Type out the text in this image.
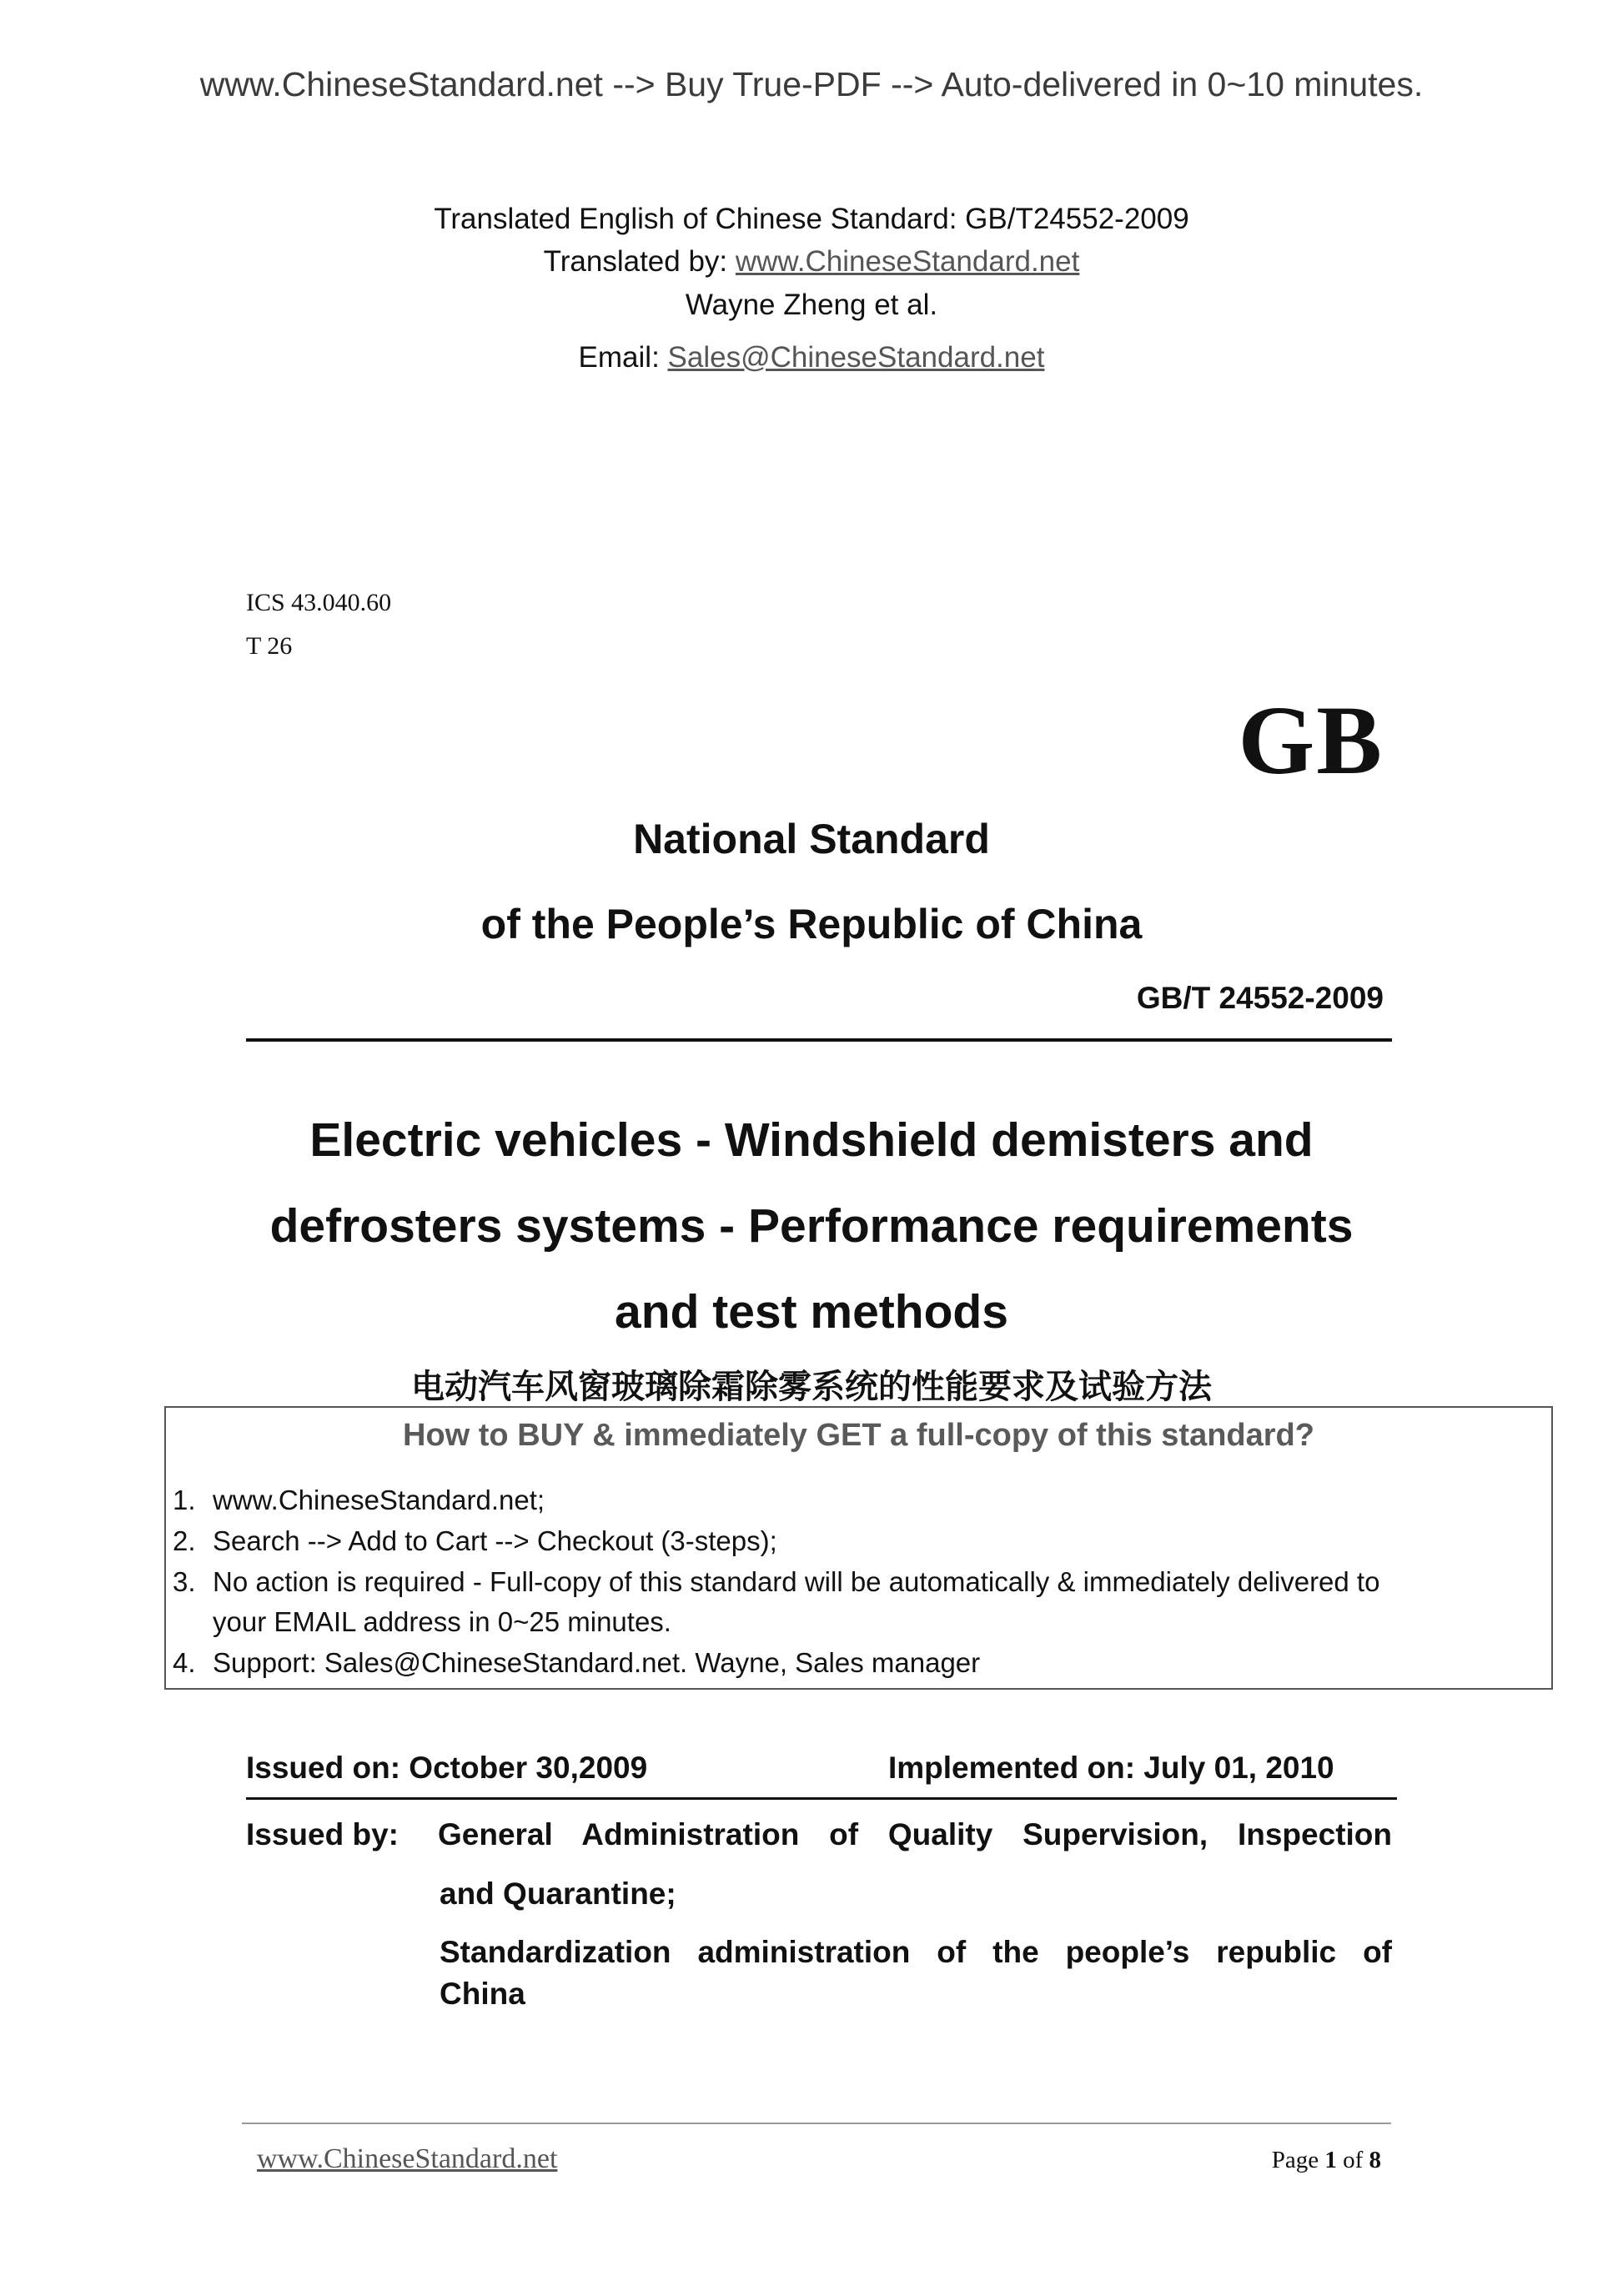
www.ChineseStandard.net --> Buy True-PDF --> Auto-delivered in 0~10 minutes.
Translated English of Chinese Standard: GB/T24552-2009
Translated by: www.ChineseStandard.net
Wayne Zheng et al.
Email: Sales@ChineseStandard.net
ICS 43.040.60
T 26
GB
National Standard
of the People’s Republic of China
GB/T 24552-2009
Electric vehicles - Windshield demisters and
defrosters systems - Performance requirements
and test methods
电动汽车风窗玻璃除霜除雾系统的性能要求及试验方法
How to BUY & immediately GET a full-copy of this standard?
1. www.ChineseStandard.net;
2. Search --> Add to Cart --> Checkout (3-steps);
3. No action is required - Full-copy of this standard will be automatically & immediately delivered to
your EMAIL address in 0~25 minutes.
4. Support: Sales@ChineseStandard.net. Wayne, Sales manager
Issued on: October 30,2009	Implemented on: July 01, 2010
Issued by: General Administration of Quality Supervision, Inspection
and Quarantine;
Standardization administration of the people’s republic of
China
www.ChineseStandard.net	Page 1 of 8
